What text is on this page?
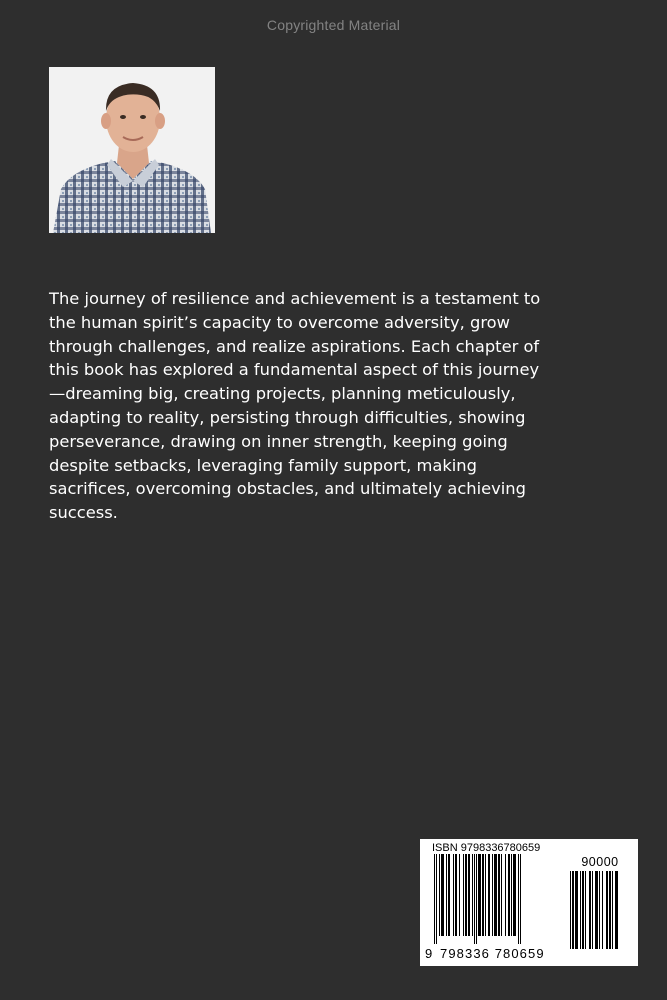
Copyrighted Material

The journey of resilience and achievement is a testament to
the human spirit’s capacity to overcome adversity, grow
through challenges, and realize aspirations. Each chapter of
this book has explored a fundamental aspect of this journey
—dreaming big, creating projects, planning meticulously,
adapting to reality, persisting through difficulties, showing
perseverance, drawing on inner strength, keeping going
despite setbacks, leveraging family support, making
sacrifices, overcoming obstacles, and ultimately achieving
success.

ISBN 9798336780659
90000
9 798336 780659
